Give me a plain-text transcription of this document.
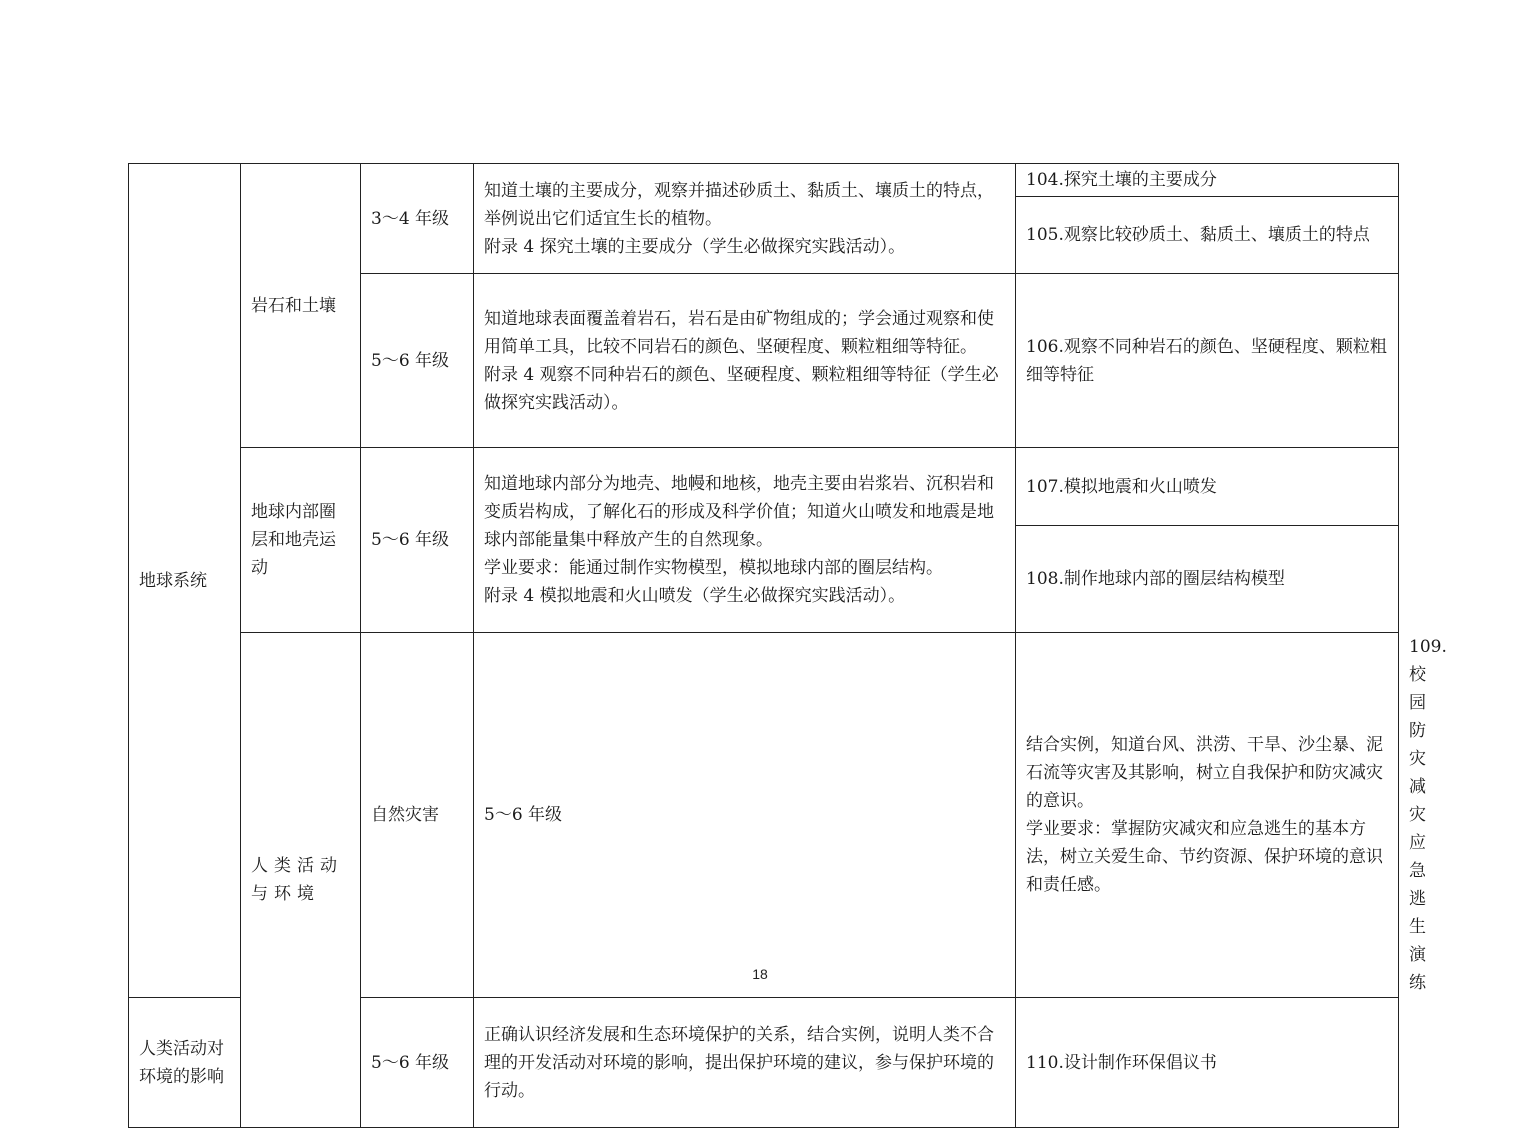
地球系统	岩石和土壤	3～4 年级	知道土壤的主要成分，观察并描述砂质土、黏质土、壤质土的特点，举例说出它们适宜生长的植物。
附录 4 探究土壤的主要成分（学生必做探究实践活动）。	104.探究土壤的主要成分	
				105.观察比较砂质土、黏质土、壤质土的特点	
		5～6 年级	知道地球表面覆盖着岩石，岩石是由矿物组成的；学会通过观察和使用简单工具，比较不同岩石的颜色、坚硬程度、颗粒粗细等特征。
附录 4 观察不同种岩石的颜色、坚硬程度、颗粒粗细等特征（学生必做探究实践活动）。	106.观察不同种岩石的颜色、坚硬程度、颗粒粗细等特征	
	地球内部圈层和地壳运动	5～6 年级	知道地球内部分为地壳、地幔和地核，地壳主要由岩浆岩、沉积岩和变质岩构成，了解化石的形成及科学价值；知道火山喷发和地震是地球内部能量集中释放产生的自然现象。
学业要求：能通过制作实物模型，模拟地球内部的圈层结构。
附录 4 模拟地震和火山喷发（学生必做探究实践活动）。	107.模拟地震和火山喷发	
				108.制作地球内部的圈层结构模型	
	人类活动与环境	自然灾害	5～6 年级	结合实例，知道台风、洪涝、干旱、沙尘暴、泥石流等灾害及其影响，树立自我保护和防灾减灾的意识。
学业要求：掌握防灾减灾和应急逃生的基本方法，树立关爱生命、节约资源、保护环境的意识和责任感。	109.校园防灾减灾应急逃生演练
人类活动对环境的影响		5～6 年级	正确认识经济发展和生态环境保护的关系，结合实例，说明人类不合理的开发活动对环境的影响，提出保护环境的建议，参与保护环境的行动。	110.设计制作环保倡议书	
18
